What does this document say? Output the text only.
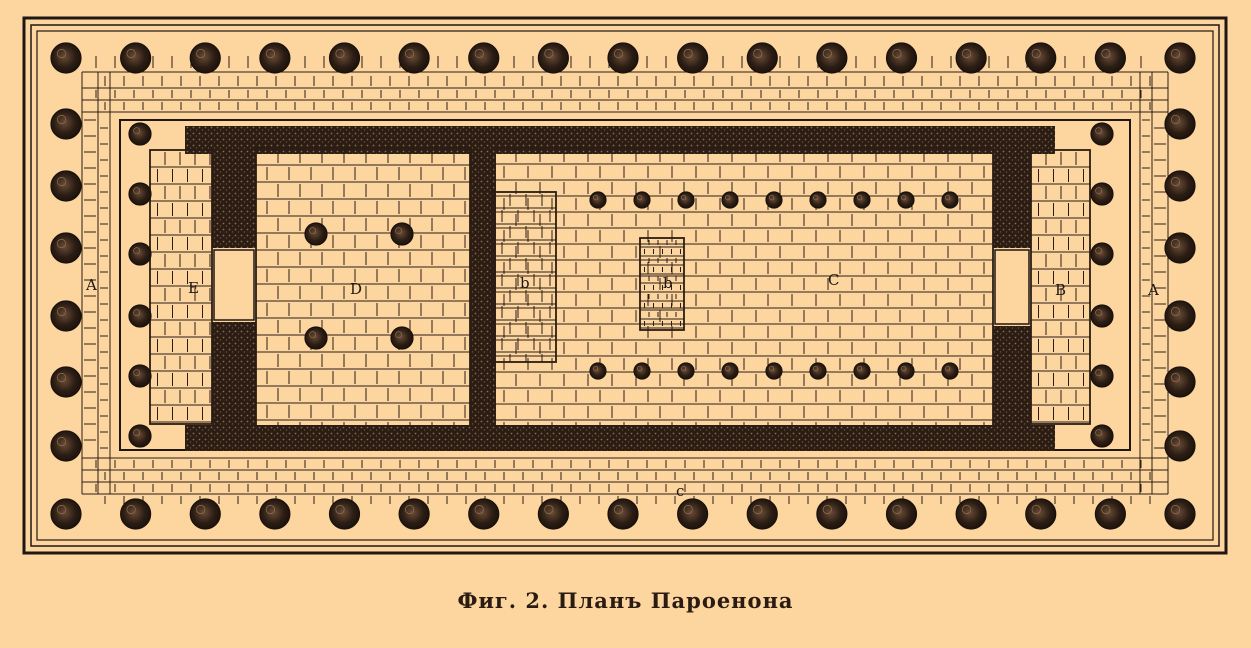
A	E	D	b	b	C
B	A
c
Фиг. 2. Планъ Пароенона
